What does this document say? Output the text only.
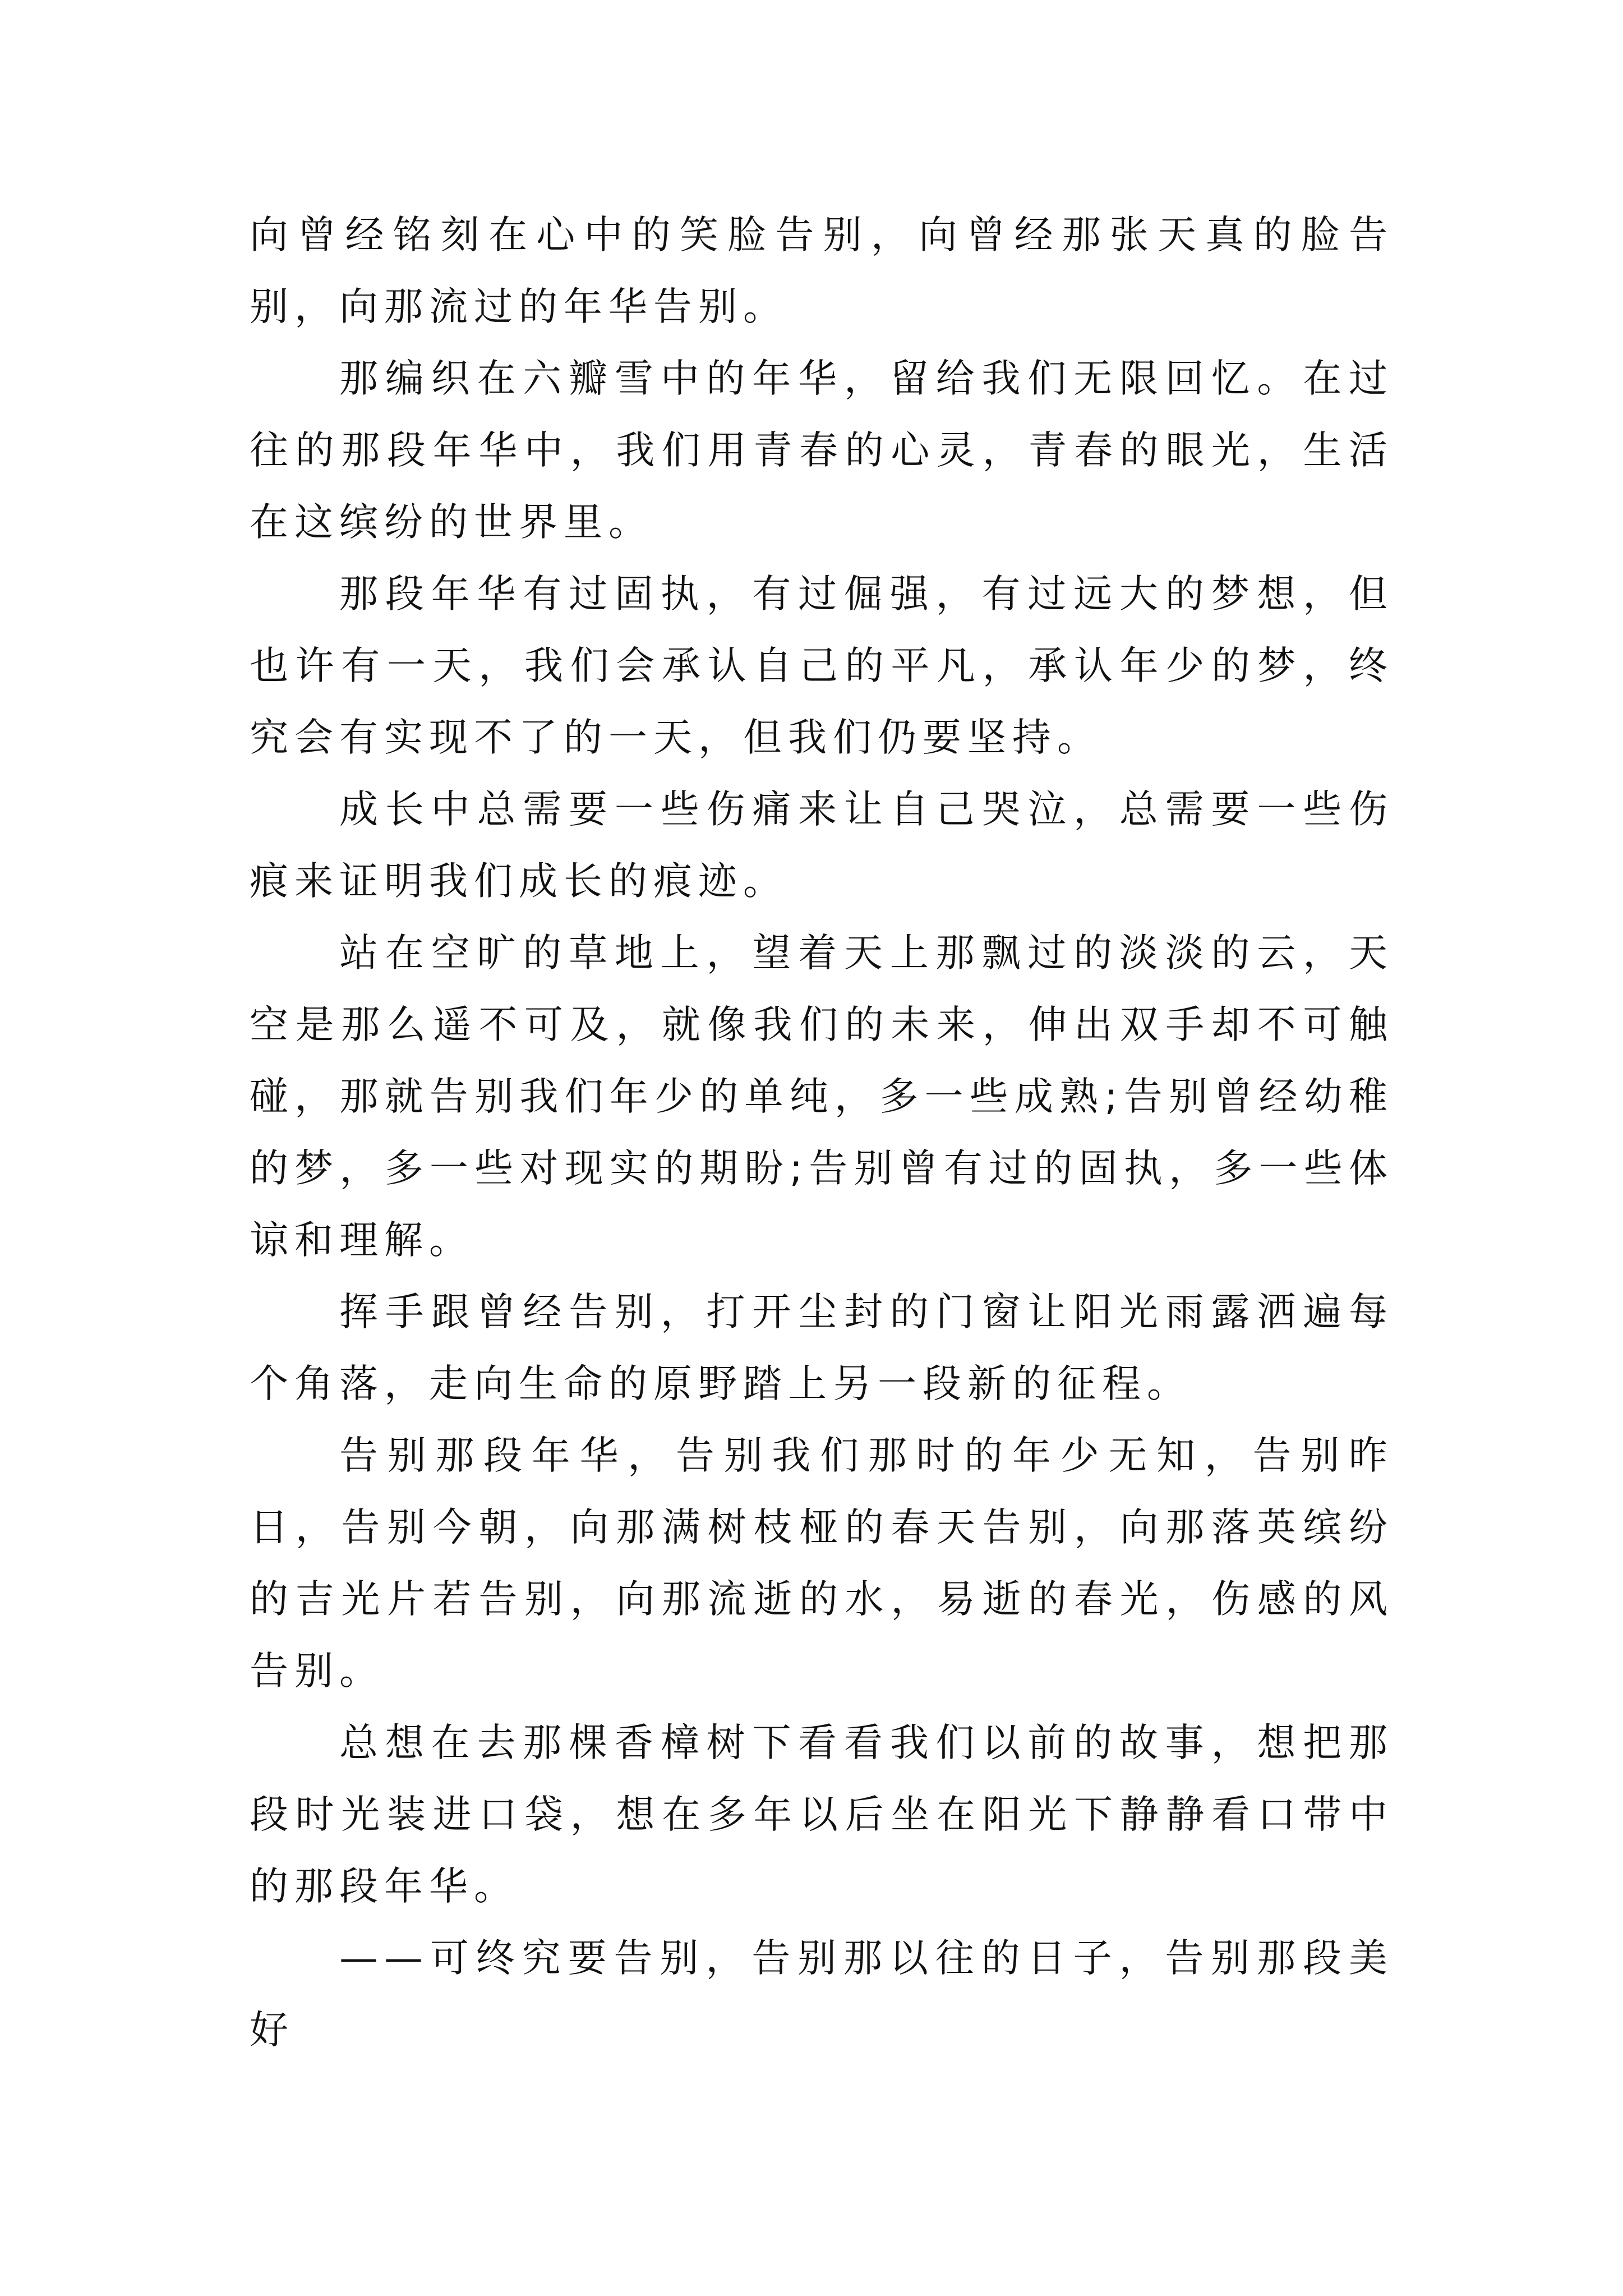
向曾经铭刻在心中的笑脸告别，向曾经那张天真的脸告别，向那流过的年华告别。

那编织在六瓣雪中的年华，留给我们无限回忆。在过往的那段年华中，我们用青春的心灵，青春的眼光，生活在这缤纷的世界里。

那段年华有过固执，有过倔强，有过远大的梦想，但也许有一天，我们会承认自己的平凡，承认年少的梦，终究会有实现不了的一天，但我们仍要坚持。

成长中总需要一些伤痛来让自己哭泣，总需要一些伤痕来证明我们成长的痕迹。

站在空旷的草地上，望着天上那飘过的淡淡的云，天空是那么遥不可及，就像我们的未来，伸出双手却不可触碰，那就告别我们年少的单纯，多一些成熟;告别曾经幼稚的梦，多一些对现实的期盼;告别曾有过的固执，多一些体谅和理解。

挥手跟曾经告别，打开尘封的门窗让阳光雨露洒遍每个角落，走向生命的原野踏上另一段新的征程。

告别那段年华，告别我们那时的年少无知，告别昨日，告别今朝，向那满树枝桠的春天告别，向那落英缤纷的吉光片若告别，向那流逝的水，易逝的春光，伤感的风告别。

总想在去那棵香樟树下看看我们以前的故事，想把那段时光装进口袋，想在多年以后坐在阳光下静静看口带中的那段年华。

——可终究要告别，告别那以往的日子，告别那段美好
